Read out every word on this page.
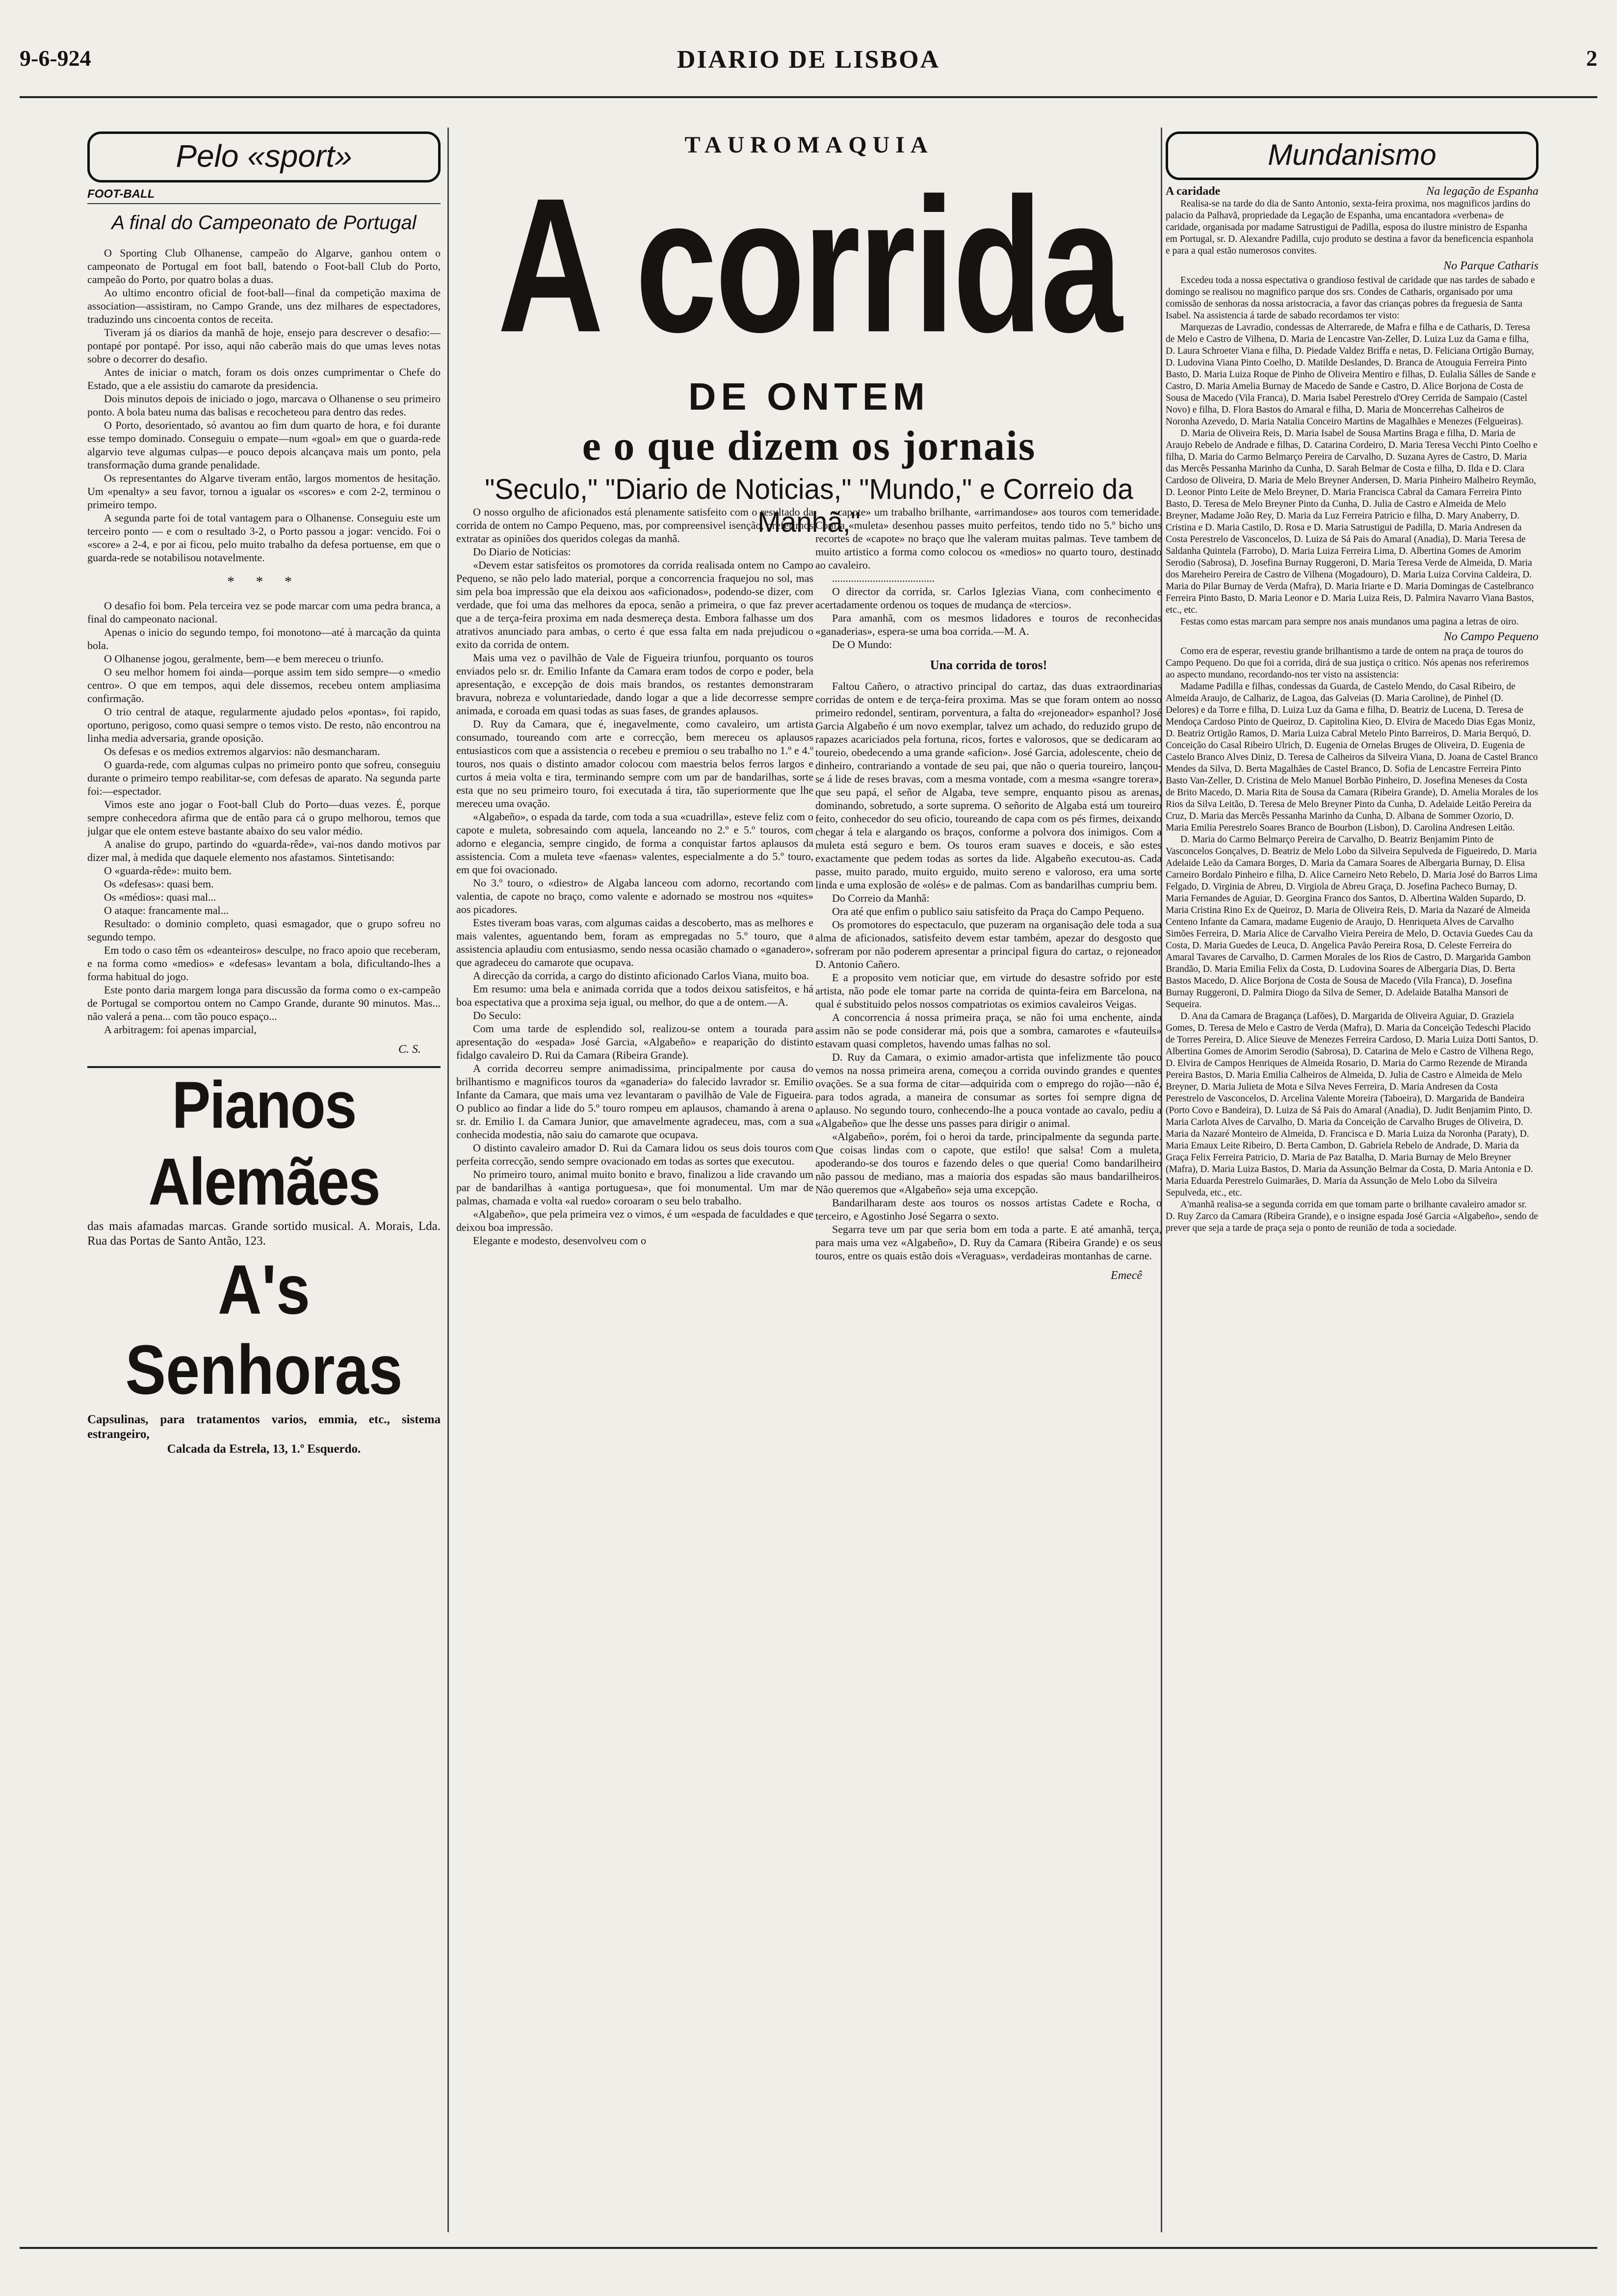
9-6-924	DIARIO DE LISBOA	2
Pelo «sport»
FOOT-BALL
A final do Campeonato de Portugal

O Sporting Club Olhanense, campeão do Algarve, ganhou ontem o campeonato de Portugal em foot ball, batendo o Foot-ball Club do Porto, campeão do Porto, por quatro bolas a duas.

Ao ultimo encontro oficial de foot-ball—final da competição maxima de association—assistiram, no Campo Grande, uns dez milhares de espectadores, traduzindo uns cincoenta contos de receita.

Tiveram já os diarios da manhã de hoje, ensejo para descrever o desafio:—pontapé por pontapé. Por isso, aqui não caberão mais do que umas leves notas sobre o decorrer do desafio.

Antes de iniciar o match, foram os dois onzes cumprimentar o Chefe do Estado, que a ele assistiu do camarote da presidencia.

Dois minutos depois de iniciado o jogo, marcava o Olhanense o seu primeiro ponto. A bola bateu numa das balisas e recocheteou para dentro das redes.

O Porto, desorientado, só avantou ao fim dum quarto de hora, e foi durante esse tempo dominado. Conseguiu o empate—num «goal» em que o guarda-rede algarvio teve algumas culpas—e pouco depois alcançava mais um ponto, pela transformação duma grande penalidade.

Os representantes do Algarve tiveram então, largos momentos de hesitação. Um «penalty» a seu favor, tornou a igualar os «scores» e com 2-2, terminou o primeiro tempo.

A segunda parte foi de total vantagem para o Olhanense. Conseguiu este um terceiro ponto — e com o resultado 3-2, o Porto passou a jogar: vencido. Foi o «score» a 2-4, e por ai ficou, pelo muito trabalho da defesa portuense, em que o guarda-rede se notabilisou notavelmente.

* * *

O desafio foi bom. Pela terceira vez se pode marcar com uma pedra branca, a final do campeonato nacional.

Apenas o inicio do segundo tempo, foi monotono—até à marcação da quinta bola.

O Olhanense jogou, geralmente, bem—e bem mereceu o triunfo.

O seu melhor homem foi ainda—porque assim tem sido sempre—o «medio centro». O que em tempos, aqui dele dissemos, recebeu ontem ampliasima confirmação.

O trio central de ataque, regularmente ajudado pelos «pontas», foi rapido, oportuno, perigoso, como quasi sempre o temos visto. De resto, não encontrou na linha media adversaria, grande oposição.

Os defesas e os medios extremos algarvios: não desmancharam.

O guarda-rede, com algumas culpas no primeiro ponto que sofreu, conseguiu durante o primeiro tempo reabilitar-se, com defesas de aparato. Na segunda parte foi:—espectador.

Vimos este ano jogar o Foot-ball Club do Porto—duas vezes. É, porque sempre conhecedora afirma que de então para cá o grupo melhorou, temos que julgar que ele ontem esteve bastante abaixo do seu valor médio.

A analise do grupo, partindo do «guarda-rêde», vai-nos dando motivos par dizer mal, à medida que daquele elemento nos afastamos. Sintetisando:

O «guarda-rêde»: muito bem.

Os «defesas»: quasi bem.

Os «médios»: quasi mal...

O ataque: francamente mal...

Resultado: o dominio completo, quasi esmagador, que o grupo sofreu no segundo tempo.

Em todo o caso têm os «deanteiros» desculpe, no fraco apoio que receberam, e na forma como «medios» e «defesas» levantam a bola, dificultando-lhes a forma habitual do jogo.

Este ponto daria margem longa para discussão da forma como o ex-campeão de Portugal se comportou ontem no Campo Grande, durante 90 minutos. Mas... não valerá a pena... com tão pouco espaço...

A arbitragem: foi apenas imparcial,

C. S.
Pianos Alemães
das mais afamadas marcas. Grande sortido musical. A. Morais, Lda. Rua das Portas de Santo Antão, 123.
A's Senhoras
Capsulinas, para tratamentos varios, emmia, etc., sistema estrangeiro,
Calcada da Estrela, 13, 1.º Esquerdo.
TAUROMAQUIA
A corrida
DE ONTEM
e o que dizem os jornais
"Seculo," "Diario de Noticias," "Mundo," e Correio da Manhã,"

O nosso orgulho de aficionados está plenamente satisfeito com o resultado da corrida de ontem no Campo Pequeno, mas, por compreensivel isenção, preferimos extratar as opiniões dos queridos colegas da manhã.

Do Diario de Noticias:

«Devem estar satisfeitos os promotores da corrida realisada ontem no Campo Pequeno, se não pelo lado material, porque a concorrencia fraquejou no sol, mas sim pela boa impressão que ela deixou aos «aficionados», podendo-se dizer, com verdade, que foi uma das melhores da epoca, senão a primeira, o que faz prever que a de terça-feira proxima em nada desmereça desta. Embora falhasse um dos atrativos anunciado para ambas, o certo é que essa falta em nada prejudicou o exito da corrida de ontem.

Mais uma vez o pavilhão de Vale de Figueira triunfou, porquanto os touros enviados pelo sr. dr. Emilio Infante da Camara eram todos de corpo e poder, bela apresentação, e excepção de dois mais brandos, os restantes demonstraram bravura, nobreza e voluntariedade, dando logar a que a lide decorresse sempre animada, e coroada em quasi todas as suas fases, de grandes aplausos.

D. Ruy da Camara, que é, inegavelmente, como cavaleiro, um artista consumado, toureando com arte e correcção, bem mereceu os aplausos entusiasticos com que a assistencia o recebeu e premiou o seu trabalho no 1.º e 4.º touros, nos quais o distinto amador colocou com maestria belos ferros largos e curtos á meia volta e tira, terminando sempre com um par de bandarilhas, sorte esta que no seu primeiro touro, foi executada á tira, tão superiormente que lhe mereceu uma ovação.

«Algabeño», o espada da tarde, com toda a sua «cuadrilla», esteve feliz com o capote e muleta, sobresaindo com aquela, lanceando no 2.º e 5.º touros, com adorno e elegancia, sempre cingido, de forma a conquistar fartos aplausos da assistencia. Com a muleta teve «faenas» valentes, especialmente a do 5.º touro, em que foi ovacionado.

No 3.º touro, o «diestro» de Algaba lanceou com adorno, recortando com valentia, de capote no braço, como valente e adornado se mostrou nos «quites» aos picadores.

Estes tiveram boas varas, com algumas caidas a descoberto, mas as melhores e mais valentes, aguentando bem, foram as empregadas no 5.º touro, que a assistencia aplaudiu com entusiasmo, sendo nessa ocasião chamado o «ganadero», que agradeceu do camarote que ocupava.

A direcção da corrida, a cargo do distinto aficionado Carlos Viana, muito boa.

Em resumo: uma bela e animada corrida que a todos deixou satisfeitos, e há boa espectativa que a proxima seja igual, ou melhor, do que a de ontem.—A.

Do Seculo:

Com uma tarde de esplendido sol, realizou-se ontem a tourada para apresentação do «espada» José Garcia, «Algabeño» e reaparição do distinto fidalgo cavaleiro D. Rui da Camara (Ribeira Grande).

A corrida decorreu sempre animadissima, principalmente por causa do brilhantismo e magnificos touros da «ganaderia» do falecido lavrador sr. Emilio Infante da Camara, que mais uma vez levantaram o pavilhão de Vale de Figueira. O publico ao findar a lide do 5.º touro rompeu em aplausos, chamando à arena o sr. dr. Emilio I. da Camara Junior, que amavelmente agradeceu, mas, com a sua conhecida modestia, não saiu do camarote que ocupava.

O distinto cavaleiro amador D. Rui da Camara lidou os seus dois touros com perfeita correcção, sendo sempre ovacionado em todas as sortes que executou.

No primeiro touro, animal muito bonito e bravo, finalizou a lide cravando um par de bandarilhas à «antiga portuguesa», que foi monumental. Um mar de palmas, chamada e volta «al ruedo» coroaram o seu belo trabalho.

«Algabeño», que pela primeira vez o vimos, é um «espada de faculdades e que deixou boa impressão.

Elegante e modesto, desenvolveu com o

«capote» um trabalho brilhante, «arrimandose» aos touros com temeridade. Com a «muleta» desenhou passes muito perfeitos, tendo tido no 5.º bicho uns recortes de «capote» no braço que lhe valeram muitas palmas. Teve tambem de muito artistico a forma como colocou os «medios» no quarto touro, destinado ao cavaleiro.

......................................

O director da corrida, sr. Carlos Iglezias Viana, com conhecimento e acertadamente ordenou os toques de mudança de «tercios».

Para amanhã, com os mesmos lidadores e touros de reconhecidas «ganaderias», espera-se uma boa corrida.—M. A.

De O Mundo:

Una corrida de toros!

Faltou Cañero, o atractivo principal do cartaz, das duas extraordinarias corridas de ontem e de terça-feira proxima. Mas se que foram ontem ao nosso primeiro redondel, sentiram, porventura, a falta do «rejoneador» espanhol? José Garcia Algabeño é um novo exemplar, talvez um achado, do reduzido grupo de rapazes acariciados pela fortuna, ricos, fortes e valorosos, que se dedicaram ao toureio, obedecendo a uma grande «aficion». José Garcia, adolescente, cheio de dinheiro, contrariando a vontade de seu pai, que não o queria toureiro, lançou-se á lide de reses bravas, com a mesma vontade, com a mesma «sangre torera», que seu papá, el señor de Algaba, teve sempre, enquanto pisou as arenas, dominando, sobretudo, a sorte suprema. O señorito de Algaba está um toureiro feito, conhecedor do seu oficio, toureando de capa com os pés firmes, deixando chegar á tela e alargando os braços, conforme a polvora dos inimigos. Com a muleta está seguro e bem. Os touros eram suaves e doceis, e são estes exactamente que pedem todas as sortes da lide. Algabeño executou-as. Cada passe, muito parado, muito erguido, muito sereno e valoroso, era uma sorte linda e uma explosão de «olés» e de palmas. Com as bandarilhas cumpriu bem.

Do Correio da Manhã:

Ora até que enfim o publico saiu satisfeito da Praça do Campo Pequeno.

Os promotores do espectaculo, que puzeram na organisação dele toda a sua alma de aficionados, satisfeito devem estar também, apezar do desgosto que sofreram por não poderem apresentar a principal figura do cartaz, o rejoneador D. Antonio Cañero.

E a proposito vem noticiar que, em virtude do desastre sofrido por este artista, não pode ele tomar parte na corrida de quinta-feira em Barcelona, na qual é substituido pelos nossos compatriotas os eximios cavaleiros Veigas.

A concorrencia á nossa primeira praça, se não foi uma enchente, ainda assim não se pode considerar má, pois que a sombra, camarotes e «fauteuils» estavam quasi completos, havendo umas falhas no sol.

D. Ruy da Camara, o eximio amador-artista que infelizmente tão pouco vemos na nossa primeira arena, começou a corrida ouvindo grandes e quentes ovações. Se a sua forma de citar—adquirida com o emprego do rojão—não é, para todos agrada, a maneira de consumar as sortes foi sempre digna de aplauso. No segundo touro, conhecendo-lhe a pouca vontade ao cavalo, pediu a «Algabeño» que lhe desse uns passes para dirigir o animal.

«Algabeño», porém, foi o heroi da tarde, principalmente da segunda parte. Que coisas lindas com o capote, que estilo! que salsa! Com a muleta, apoderando-se dos touros e fazendo deles o que queria! Como bandarilheiro não passou de mediano, mas a maioria dos espadas são maus bandarilheiros. Não queremos que «Algabeño» seja uma excepção.

Bandarilharam deste aos touros os nossos artistas Cadete e Rocha, o terceiro, e Agostinho José Segarra o sexto.

Segarra teve um par que seria bom em toda a parte. E até amanhã, terça, para mais uma vez «Algabeño», D. Ruy da Camara (Ribeira Grande) e os seus touros, entre os quais estão dois «Veraguas», verdadeiras montanhas de carne.

Emecê
Mundanismo
A caridade	Na legação de Espanha

Realisa-se na tarde do dia de Santo Antonio, sexta-feira proxima, nos magnificos jardins do palacio da Palhavã, propriedade da Legação de Espanha, uma encantadora «verbena» de caridade, organisada por madame Satrustigui de Padilla, esposa do ilustre ministro de Espanha em Portugal, sr. D. Alexandre Padilla, cujo produto se destina a favor da beneficencia espanhola e para a qual estão numerosos convites.

No Parque Catharis

Excedeu toda a nossa espectativa o grandioso festival de caridade que nas tardes de sabado e domingo se realisou no magnifico parque dos srs. Condes de Catharis, organisado por uma comissão de senhoras da nossa aristocracia, a favor das crianças pobres da freguesia de Santa Isabel. Na assistencia á tarde de sabado recordamos ter visto:

Marquezas de Lavradio, condessas de Alterrarede, de Mafra e filha e de Catharis, D. Teresa de Melo e Castro de Vilhena, D. Maria de Lencastre Van-Zeller, D. Luiza Luz da Gama e filha, D. Laura Schroeter Viana e filha, D. Piedade Valdez Briffa e netas, D. Feliciana Ortigão Burnay, D. Ludovina Viana Pinto Coelho, D. Matilde Deslandes, D. Branca de Atouguia Ferreira Pinto Basto, D. Maria Luiza Roque de Pinho de Oliveira Mentiro e filhas, D. Eulalia Sálles de Sande e Castro, D. Maria Amelia Burnay de Macedo de Sande e Castro, D. Alice Borjona de Costa de Sousa de Macedo (Vila Franca), D. Maria Isabel Perestrelo d'Orey Cerrida de Sampaio (Castel Novo) e filha, D. Flora Bastos do Amaral e filha, D. Maria de Moncerrehas Calheiros de Noronha Azevedo, D. Maria Natalia Conceiro Martins de Magalhães e Menezes (Felgueiras).

D. Maria de Oliveira Reis, D. Maria Isabel de Sousa Martins Braga e filha, D. Maria de Araujo Rebelo de Andrade e filhas, D. Catarina Cordeiro, D. Maria Teresa Vecchi Pinto Coelho e filha, D. Maria do Carmo Belmarço Pereira de Carvalho, D. Suzana Ayres de Castro, D. Maria das Mercês Pessanha Marinho da Cunha, D. Sarah Belmar de Costa e filha, D. Ilda e D. Clara Cardoso de Oliveira, D. Maria de Melo Breyner Andersen, D. Maria Pinheiro Malheiro Reymão, D. Leonor Pinto Leite de Melo Breyner, D. Maria Francisca Cabral da Camara Ferreira Pinto Basto, D. Teresa de Melo Breyner Pinto da Cunha, D. Julia de Castro e Almeida de Melo Breyner, Madame João Rey, D. Maria da Luz Ferreira Patricio e filha, D. Mary Anaberry, D. Cristina e D. Maria Castilo, D. Rosa e D. Maria Satrustigui de Padilla, D. Maria Andresen da Costa Perestrelo de Vasconcelos, D. Luiza de Sá Pais do Amaral (Anadia), D. Maria Teresa de Saldanha Quintela (Farrobo), D. Maria Luiza Ferreira Lima, D. Albertina Gomes de Amorim Serodio (Sabrosa), D. Josefina Burnay Ruggeroni, D. Maria Teresa Verde de Almeida, D. Maria dos Mareheiro Pereira de Castro de Vilhena (Mogadouro), D. Maria Luiza Corvina Caldeira, D. Maria do Pilar Burnay de Verda (Mafra), D. Maria Iriarte e D. Maria Domingas de Castelbranco Ferreira Pinto Basto, D. Maria Leonor e D. Maria Luiza Reis, D. Palmira Navarro Viana Bastos, etc., etc.

Festas como estas marcam para sempre nos anais mundanos uma pagina a letras de oiro.

No Campo Pequeno

Como era de esperar, revestiu grande brilhantismo a tarde de ontem na praça de touros do Campo Pequeno. Do que foi a corrida, dirá de sua justiça o critico. Nós apenas nos referiremos ao aspecto mundano, recordando-nos ter visto na assistencia:

Madame Padilla e filhas, condessas da Guarda, de Castelo Mendo, do Casal Ribeiro, de Almeida Araujo, de Calhariz, de Lagoa, das Galveias (D. Maria Caroline), de Pinhel (D. Delores) e da Torre e filha, D. Luiza Luz da Gama e filha, D. Beatriz de Lucena, D. Teresa de Mendoça Cardoso Pinto de Queiroz, D. Capitolina Kieo, D. Elvira de Macedo Dias Egas Moniz, D. Beatriz Ortigão Ramos, D. Maria Luiza Cabral Metelo Pinto Barreiros, D. Maria Berquó, D. Conceição do Casal Ribeiro Ulrich, D. Eugenia de Ornelas Bruges de Oliveira, D. Eugenia de Castelo Branco Alves Diniz, D. Teresa de Calheiros da Silveira Viana, D. Joana de Castel Branco Mendes da Silva, D. Berta Magalhães de Castel Branco, D. Sofia de Lencastre Ferreira Pinto Basto Van-Zeller, D. Cristina de Melo Manuel Borbão Pinheiro, D. Josefina Meneses da Costa de Brito Macedo, D. Maria Rita de Sousa da Camara (Ribeira Grande), D. Amelia Morales de los Rios da Silva Leitão, D. Teresa de Melo Breyner Pinto da Cunha, D. Adelaide Leitão Pereira da Cruz, D. Maria das Mercês Pessanha Marinho da Cunha, D. Albana de Sommer Ozorio, D. Maria Emilia Perestrelo Soares Branco de Bourbon (Lisbon), D. Carolina Andresen Leitão.

D. Maria do Carmo Belmarço Pereira de Carvalho, D. Beatriz Benjamim Pinto de Vasconcelos Gonçalves, D. Beatriz de Melo Lobo da Silveira Sepulveda de Figueiredo, D. Maria Adelaide Leão da Camara Borges, D. Maria da Camara Soares de Albergaria Burnay, D. Elisa Carneiro Bordalo Pinheiro e filha, D. Alice Carneiro Neto Rebelo, D. Maria José do Barros Lima Felgado, D. Virginia de Abreu, D. Virgiola de Abreu Graça, D. Josefina Pacheco Burnay, D. Maria Fernandes de Aguiar, D. Georgina Franco dos Santos, D. Albertina Walden Supardo, D. Maria Cristina Rino Ex de Queiroz, D. Maria de Oliveira Reis, D. Maria da Nazaré de Almeida Centeno Infante da Camara, madame Eugenio de Araujo, D. Henriqueta Alves de Carvalho Simões Ferreira, D. Maria Alice de Carvalho Vieira Pereira de Melo, D. Octavia Guedes Cau da Costa, D. Maria Guedes de Leuca, D. Angelica Pavão Pereira Rosa, D. Celeste Ferreira do Amaral Tavares de Carvalho, D. Carmen Morales de los Rios de Castro, D. Margarida Gambon Brandão, D. Maria Emilia Felix da Costa, D. Ludovina Soares de Albergaria Dias, D. Berta Bastos Macedo, D. Alice Borjona de Costa de Sousa de Macedo (Vila Franca), D. Josefina Burnay Ruggeroni, D. Palmira Diogo da Silva de Semer, D. Adelaide Batalha Mansori de Sequeira.

D. Ana da Camara de Bragança (Lafões), D. Margarida de Oliveira Aguiar, D. Graziela Gomes, D. Teresa de Melo e Castro de Verda (Mafra), D. Maria da Conceição Tedeschi Placido de Torres Pereira, D. Alice Sieuve de Menezes Ferreira Cardoso, D. Maria Luiza Dotti Santos, D. Albertina Gomes de Amorim Serodio (Sabrosa), D. Catarina de Melo e Castro de Vilhena Rego, D. Elvira de Campos Henriques de Almeida Rosario, D. Maria do Carmo Rezende de Miranda Pereira Bastos, D. Maria Emilia Calheiros de Almeida, D. Julia de Castro e Almeida de Melo Breyner, D. Maria Julieta de Mota e Silva Neves Ferreira, D. Maria Andresen da Costa Perestrelo de Vasconcelos, D. Arcelina Valente Moreira (Taboeira), D. Margarida de Bandeira (Porto Covo e Bandeira), D. Luiza de Sá Pais do Amaral (Anadia), D. Judit Benjamim Pinto, D. Maria Carlota Alves de Carvalho, D. Maria da Conceição de Carvalho Bruges de Oliveira, D. Maria da Nazaré Monteiro de Almeida, D. Francisca e D. Maria Luiza da Noronha (Paraty), D. Maria Emaux Leite Ribeiro, D. Berta Cambon, D. Gabriela Rebelo de Andrade, D. Maria da Graça Felix Ferreira Patricio, D. Maria de Paz Batalha, D. Maria Burnay de Melo Breyner (Mafra), D. Maria Luiza Bastos, D. Maria da Assunção Belmar da Costa, D. Maria Antonia e D. Maria Eduarda Perestrelo Guimarães, D. Maria da Assunção de Melo Lobo da Silveira Sepulveda, etc., etc.

A'manhã realisa-se a segunda corrida em que tomam parte o brilhante cavaleiro amador sr. D. Ruy Zarco da Camara (Ribeira Grande), e o insigne espada José Garcia «Algabeño», sendo de prever que seja a tarde de praça seja o ponto de reunião de toda a sociedade.
